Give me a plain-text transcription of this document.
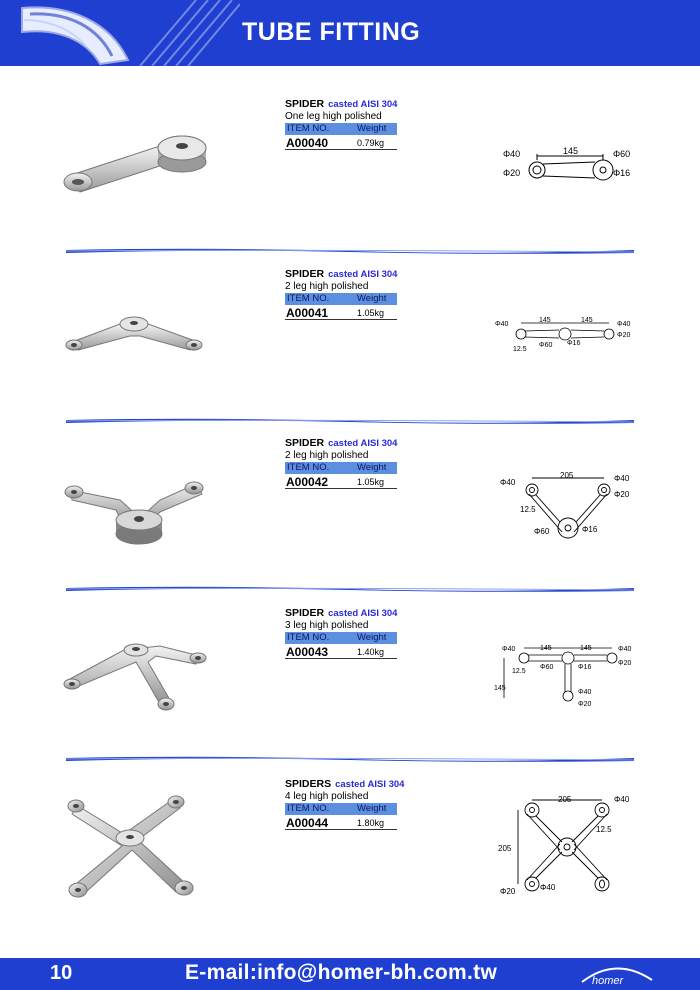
TUBE FITTING
SPIDER casted AISI 304
One leg high polished
ITEM NO.	Weight
A00040	0.79kg
Φ40
Φ20
145	Φ60
Φ16
SPIDER casted AISI 304
2 leg high polished
ITEM NO.	Weight
A00041	1.05kg
Φ40
145	145
Φ40
Φ20
12.5
Φ60 Φ16
SPIDER casted AISI 304
2 leg high polished
ITEM NO.	Weight
A00042	1.05kg	Φ40
205	Φ40
Φ20
12.5
Φ60	Φ16
SPIDER casted AISI 304
3 leg high polished
ITEM NO.	Weight
A00043	1.40kg	Φ40	145	145	Φ40
12.5
Φ60	Φ16
Φ20
145
Φ40
Φ20
SPIDERS casted AISI 304
4 leg high polished
ITEM NO.	Weight
A00044	1.80kg
205	Φ40
12.5
205
Φ20	Φ40
10	E-mail:info@homer-bh.com.tw	homer
